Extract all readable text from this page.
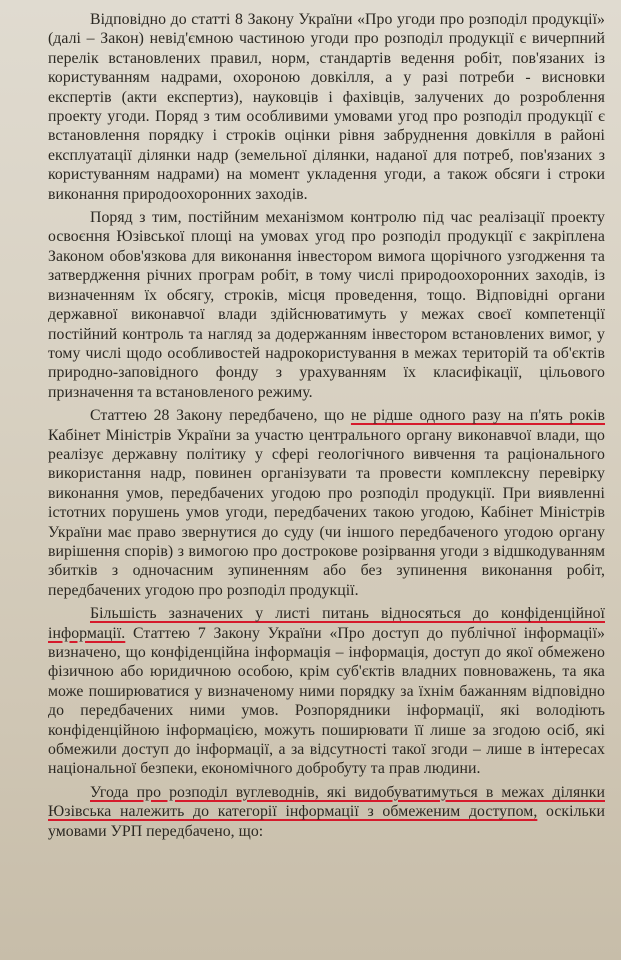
Відповідно до статті 8 Закону України «Про угоди про розподіл продукції» (далі – Закон) невід'ємною частиною угоди про розподіл продукції є вичерпний перелік встановлених правил, норм, стандартів ведення робіт, пов'язаних із користуванням надрами, охороною довкілля, а у разі потреби - висновки експертів (акти експертиз), науковців і фахівців, залучених до розроблення проекту угоди. Поряд з тим особливими умовами угод про розподіл продукції є встановлення порядку і строків оцінки рівня забруднення довкілля в районі експлуатації ділянки надр (земельної ділянки, наданої для потреб, пов'язаних з користуванням надрами) на момент укладення угоди, а також обсяги і строки виконання природоохоронних заходів.

Поряд з тим, постійним механізмом контролю під час реалізації проекту освоєння Юзівської площі на умовах угод про розподіл продукції є закріплена Законом обов'язкова для виконання інвестором вимога щорічного узгодження та затвердження річних програм робіт, в тому числі природоохоронних заходів, із визначенням їх обсягу, строків, місця проведення, тощо. Відповідні органи державної виконавчої влади здійснюватимуть у межах своєї компетенції постійний контроль та нагляд за додержанням інвестором встановлених вимог, у тому числі щодо особливостей надрокористування в межах територій та об'єктів природно-заповідного фонду з урахуванням їх класифікації, цільового призначення та встановленого режиму.

Статтею 28 Закону передбачено, що не рідше одного разу на п'ять років Кабінет Міністрів України за участю центрального органу виконавчої влади, що реалізує державну політику у сфері геологічного вивчення та раціонального використання надр, повинен організувати та провести комплексну перевірку виконання умов, передбачених угодою про розподіл продукції. При виявленні істотних порушень умов угоди, передбачених такою угодою, Кабінет Міністрів України має право звернутися до суду (чи іншого передбаченого угодою органу вирішення спорів) з вимогою про дострокове розірвання угоди з відшкодуванням збитків з одночасним зупиненням або без зупинення виконання робіт, передбачених угодою про розподіл продукції.

Більшість зазначених у листі питань відносяться до конфіденційної інформації. Статтею 7 Закону України «Про доступ до публічної інформації» визначено, що конфіденційна інформація – інформація, доступ до якої обмежено фізичною або юридичною особою, крім суб'єктів владних повноважень, та яка може поширюватися у визначеному ними порядку за їхнім бажанням відповідно до передбачених ними умов. Розпорядники інформації, які володіють конфіденційною інформацією, можуть поширювати її лише за згодою осіб, які обмежили доступ до інформації, а за відсутності такої згоди – лише в інтересах національної безпеки, економічного добробуту та прав людини.

Угода про розподіл вуглеводнів, які видобуватимуться в межах ділянки Юзівська належить до категорії інформації з обмеженим доступом, оскільки умовами УРП передбачено, що:
